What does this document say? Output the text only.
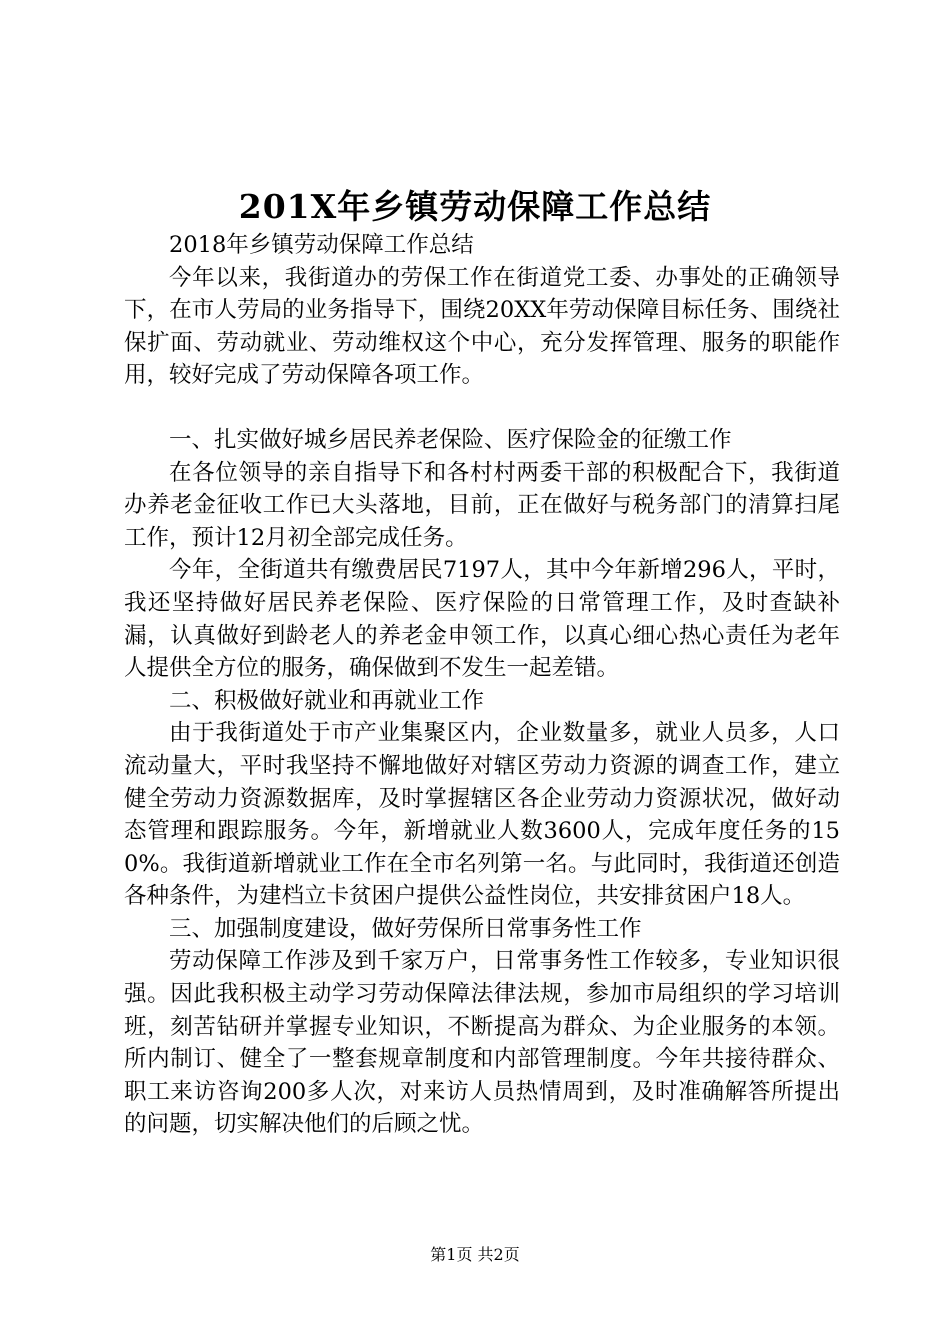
201X年乡镇劳动保障工作总结

2018年乡镇劳动保障工作总结

今年以来，我街道办的劳保工作在街道党工委、办事处的正确领导下，在市人劳局的业务指导下，围绕20XX年劳动保障目标任务、围绕社保扩面、劳动就业、劳动维权这个中心，充分发挥管理、服务的职能作用，较好完成了劳动保障各项工作。

一、扎实做好城乡居民养老保险、医疗保险金的征缴工作

在各位领导的亲自指导下和各村村两委干部的积极配合下，我街道办养老金征收工作已大头落地，目前，正在做好与税务部门的清算扫尾工作，预计12月初全部完成任务。

今年，全街道共有缴费居民7197人，其中今年新增296人，平时，我还坚持做好居民养老保险、医疗保险的日常管理工作，及时查缺补漏，认真做好到龄老人的养老金申领工作，以真心细心热心责任为老年人提供全方位的服务，确保做到不发生一起差错。

二、积极做好就业和再就业工作

由于我街道处于市产业集聚区内，企业数量多，就业人员多，人口流动量大，平时我坚持不懈地做好对辖区劳动力资源的调查工作，建立健全劳动力资源数据库，及时掌握辖区各企业劳动力资源状况，做好动态管理和跟踪服务。今年，新增就业人数3600人，完成年度任务的150%。我街道新增就业工作在全市名列第一名。与此同时，我街道还创造各种条件，为建档立卡贫困户提供公益性岗位，共安排贫困户18人。

三、加强制度建设，做好劳保所日常事务性工作

劳动保障工作涉及到千家万户，日常事务性工作较多，专业知识很强。因此我积极主动学习劳动保障法律法规，参加市局组织的学习培训班，刻苦钻研并掌握专业知识，不断提高为群众、为企业服务的本领。所内制订、健全了一整套规章制度和内部管理制度。今年共接待群众、职工来访咨询200多人次，对来访人员热情周到，及时准确解答所提出的问题，切实解决他们的后顾之忧。

第1页 共2页
